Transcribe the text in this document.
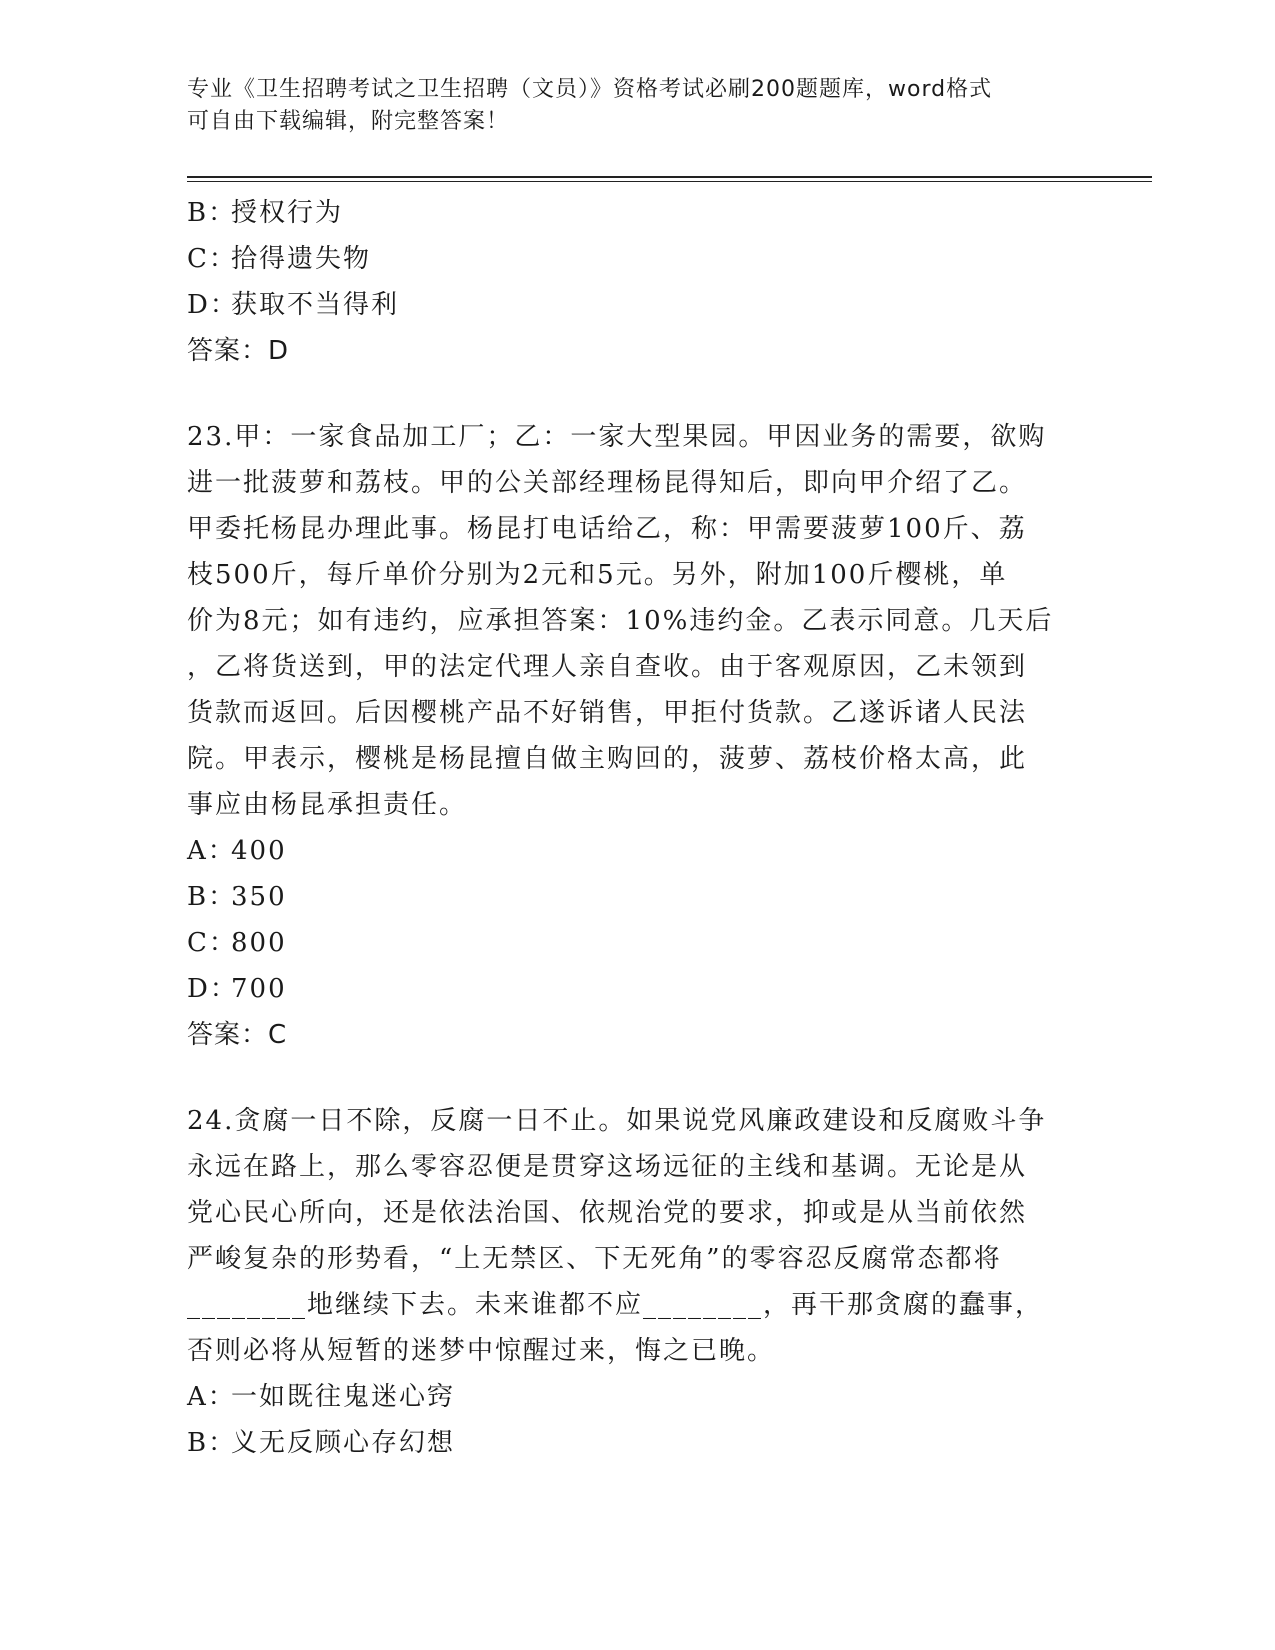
专业《卫生招聘考试之卫生招聘（文员）》资格考试必刷200题题库，word格式
可自由下载编辑，附完整答案！
B：授权行为
C：拾得遗失物
D：获取不当得利
答案：D
23.甲：一家食品加工厂；乙：一家大型果园。甲因业务的需要，欲购
进一批菠萝和荔枝。甲的公关部经理杨昆得知后，即向甲介绍了乙。
甲委托杨昆办理此事。杨昆打电话给乙，称：甲需要菠萝100斤、荔
枝500斤，每斤单价分别为2元和5元。另外，附加100斤樱桃，单
价为8元；如有违约，应承担答案：10%违约金。乙表示同意。几天后
，乙将货送到，甲的法定代理人亲自查收。由于客观原因，乙未领到
货款而返回。后因樱桃产品不好销售，甲拒付货款。乙遂诉诸人民法
院。甲表示，樱桃是杨昆擅自做主购回的，菠萝、荔枝价格太高，此
事应由杨昆承担责任。
A：400
B：350
C：800
D：700
答案：C
24.贪腐一日不除，反腐一日不止。如果说党风廉政建设和反腐败斗争
永远在路上，那么零容忍便是贯穿这场远征的主线和基调。无论是从
党心民心所向，还是依法治国、依规治党的要求，抑或是从当前依然
严峻复杂的形势看，“上无禁区、下无死角”的零容忍反腐常态都将
________地继续下去。未来谁都不应________，再干那贪腐的蠢事，
否则必将从短暂的迷梦中惊醒过来，悔之已晚。
A：一如既往鬼迷心窍
B：义无反顾心存幻想
